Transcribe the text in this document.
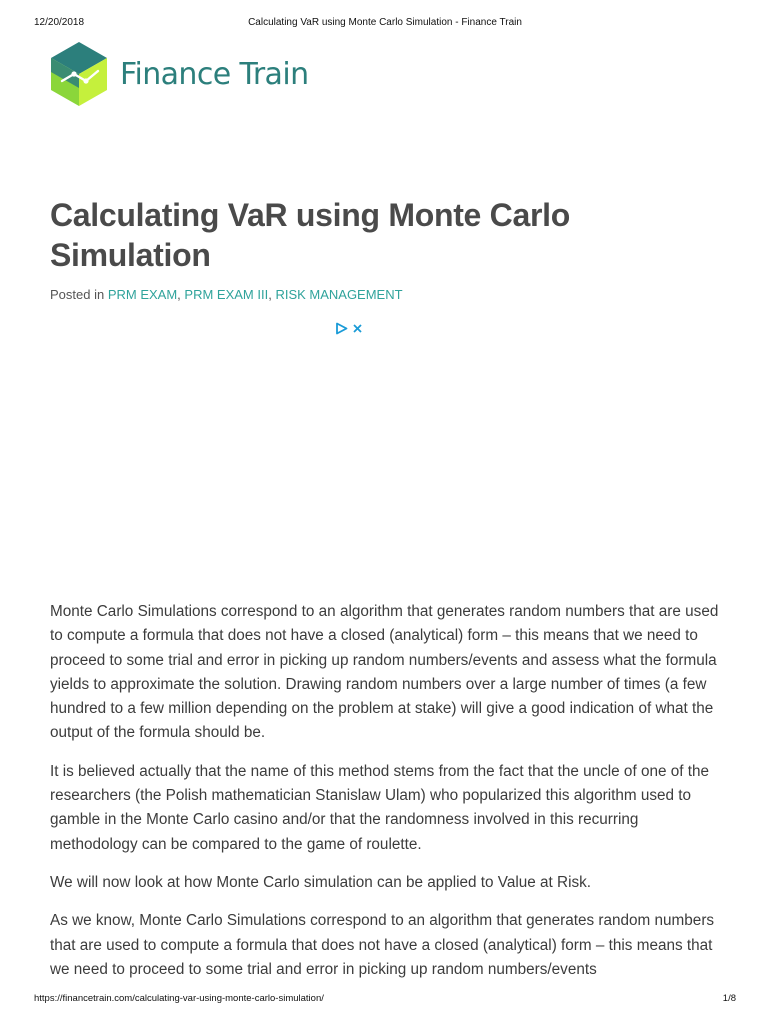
12/20/2018	Calculating VaR using Monte Carlo Simulation - Finance Train
Finance Train
Calculating VaR using Monte Carlo Simulation
Posted in PRM EXAM, PRM EXAM III, RISK MANAGEMENT

Monte Carlo Simulations correspond to an algorithm that generates random numbers that are used to compute a formula that does not have a closed (analytical) form – this means that we need to proceed to some trial and error in picking up random numbers/events and assess what the formula yields to approximate the solution. Drawing random numbers over a large number of times (a few hundred to a few million depending on the problem at stake) will give a good indication of what the output of the formula should be.

It is believed actually that the name of this method stems from the fact that the uncle of one of the researchers (the Polish mathematician Stanislaw Ulam) who popularized this algorithm used to gamble in the Monte Carlo casino and/or that the randomness involved in this recurring methodology can be compared to the game of roulette.

We will now look at how Monte Carlo simulation can be applied to Value at Risk.

As we know, Monte Carlo Simulations correspond to an algorithm that generates random numbers that are used to compute a formula that does not have a closed (analytical) form – this means that we need to proceed to some trial and error in picking up random numbers/events

https://financetrain.com/calculating-var-using-monte-carlo-simulation/	1/8
